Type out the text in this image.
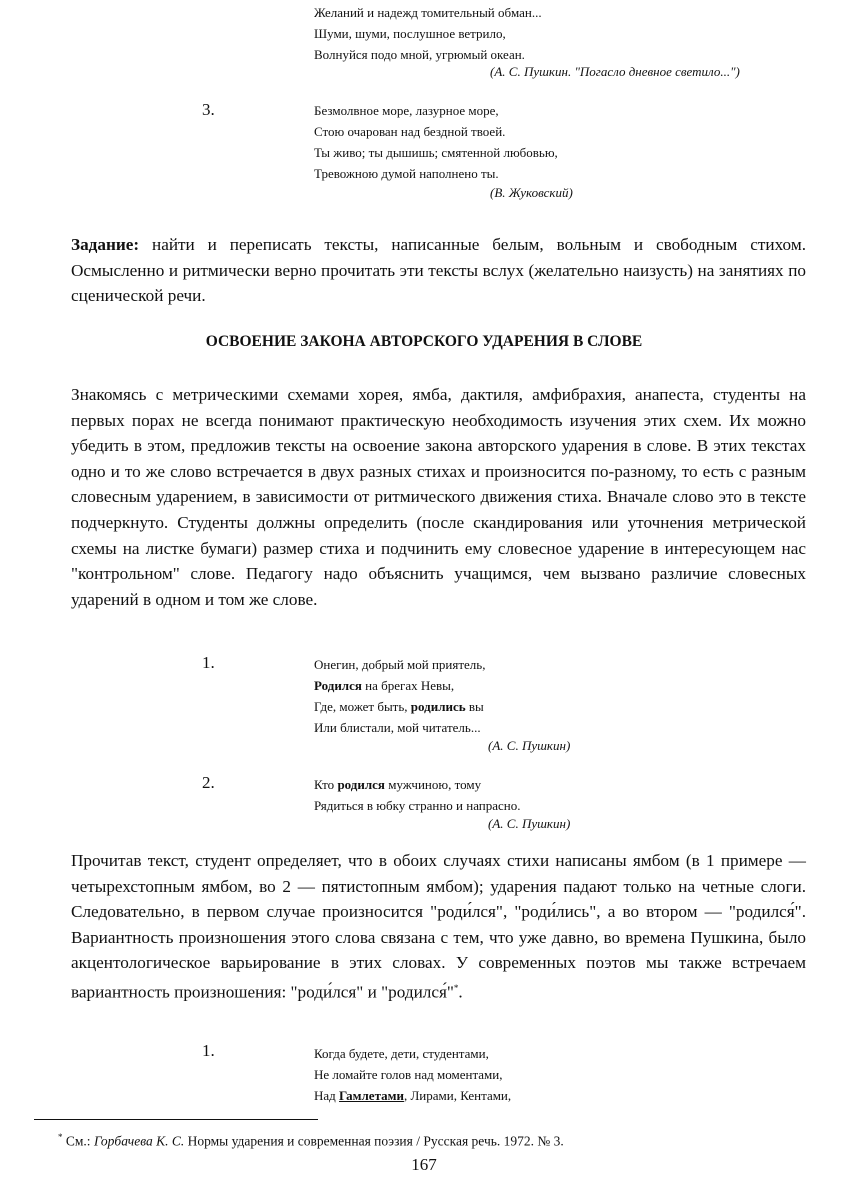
Желаний и надежд томительный обман...
Шуми, шуми, послушное ветрило,
Волнуйся подо мной, угрюмый океан.
(А. С. Пушкин. "Погасло дневное светило...")
3.	Безмолвное море, лазурное море,
Стою очарован над бездной твоей.
Ты живо; ты дышишь; смятенной любовью,
Тревожною думой наполнено ты.
(В. Жуковский)

Задание: найти и переписать тексты, написанные белым, вольным и свободным стихом. Осмысленно и ритмически верно прочитать эти тексты вслух (желательно наизусть) на занятиях по сценической речи.

ОСВОЕНИЕ ЗАКОНА АВТОРСКОГО УДАРЕНИЯ В СЛОВЕ

Знакомясь с метрическими схемами хорея, ямба, дактиля, амфибрахия, анапеста, студенты на первых порах не всегда понимают практическую необходимость изучения этих схем. Их можно убедить в этом, предложив тексты на освоение закона авторского ударения в слове. В этих текстах одно и то же слово встречается в двух разных стихах и произносится по-разному, то есть с разным словесным ударением, в зависимости от ритмического движения стиха. Вначале слово это в тексте подчеркнуто. Студенты должны определить (после скандирования или уточнения метрической схемы на листке бумаги) размер стиха и подчинить ему словесное ударение в интересующем нас "контрольном" слове. Педагогу надо объяснить учащимся, чем вызвано различие словесных ударений в одном и том же слове.

1.	Онегин, добрый мой приятель,
Родился на брегах Невы,
Где, может быть, родились вы
Или блистали, мой читатель...
(А. С. Пушкин)
2.	Кто родился мужчиною, тому
Рядиться в юбку странно и напрасно.
(А. С. Пушкин)

Прочитав текст, студент определяет, что в обоих случаях стихи написаны ямбом (в 1 примере — четырехстопным ямбом, во 2 — пятистопным ямбом); ударения падают только на четные слоги. Следовательно, в первом случае произносится "роди́лся", "роди́лись", а во втором — "родился́". Вариантность произношения этого слова связана с тем, что уже давно, во времена Пушкина, было акцентологическое варьирование в этих словах. У современных поэтов мы также встречаем вариантность произношения: "роди́лся" и "родился́"*.

1.	Когда будете, дети, студентами,
Не ломайте голов над моментами,
Над Гамлетами, Лирами, Кентами,
* См.: Горбачева К. С. Нормы ударения и современная поэзия / Русская речь. 1972. № 3.
167
